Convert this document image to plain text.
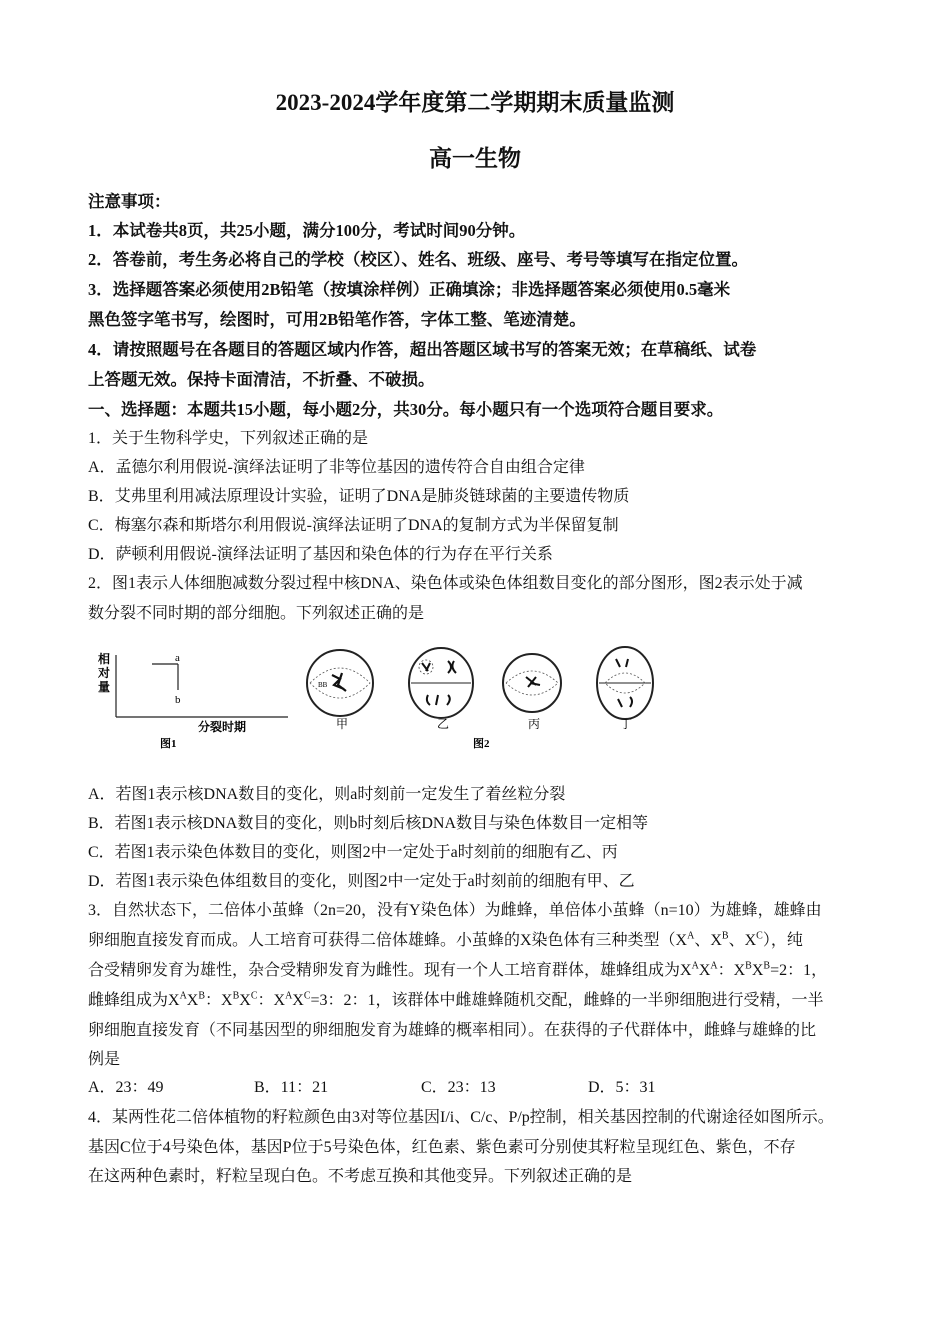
2023-2024学年度第二学期期末质量监测
高一生物
注意事项：
1．本试卷共8页，共25小题，满分100分，考试时间90分钟。
2．答卷前，考生务必将自己的学校（校区）、姓名、班级、座号、考号等填写在指定位置。
3．选择题答案必须使用2B铅笔（按填涂样例）正确填涂；非选择题答案必须使用0.5毫米
黑色签字笔书写，绘图时，可用2B铅笔作答，字体工整、笔迹清楚。
4．请按照题号在各题目的答题区域内作答，超出答题区域书写的答案无效；在草稿纸、试卷
上答题无效。保持卡面清洁，不折叠、不破损。
一、选择题：本题共15小题，每小题2分，共30分。每小题只有一个选项符合题目要求。
1．关于生物科学史，下列叙述正确的是
A．孟德尔利用假说-演绎法证明了非等位基因的遗传符合自由组合定律
B．艾弗里利用减法原理设计实验，证明了DNA是肺炎链球菌的主要遗传物质
C．梅塞尔森和斯塔尔利用假说-演绎法证明了DNA的复制方式为半保留复制
D．萨顿利用假说-演绎法证明了基因和染色体的行为存在平行关系
2．图1表示人体细胞减数分裂过程中核DNA、染色体或染色体组数目变化的部分图形，图2表示处于减
数分裂不同时期的部分细胞。下列叙述正确的是
相
对
量
a
b
分裂时期
图1
BB
甲	乙	丙	丁
图2
A．若图1表示核DNA数目的变化，则a时刻前一定发生了着丝粒分裂
B．若图1表示核DNA数目的变化，则b时刻后核DNA数目与染色体数目一定相等
C．若图1表示染色体数目的变化，则图2中一定处于a时刻前的细胞有乙、丙
D．若图1表示染色体组数目的变化，则图2中一定处于a时刻前的细胞有甲、乙
3．自然状态下，二倍体小茧蜂（2n=20，没有Y染色体）为雌蜂，单倍体小茧蜂（n=10）为雄蜂，雄蜂由
卵细胞直接发育而成。人工培育可获得二倍体雄蜂。小茧蜂的X染色体有三种类型（$X^A$、$X^B$、$X^C$），纯
合受精卵发育为雄性，杂合受精卵发育为雌性。现有一个人工培育群体，雄蜂组成为$X^AX^A$：$X^BX^B=2$：1，
雌蜂组成为$X^AX^B$：$X^BX^C$：$X^AX^C=3$：2：1，该群体中雌雄蜂随机交配，雌蜂的一半卵细胞进行受精，一半
卵细胞直接发育（不同基因型的卵细胞发育为雄蜂的概率相同）。在获得的子代群体中，雌蜂与雄蜂的比
例是
A．23：49	B．11：21	C．23：13	D．5：31
4．某两性花二倍体植物的籽粒颜色由3对等位基因I/i、C/c、P/p控制，相关基因控制的代谢途径如图所示。
基因C位于4号染色体，基因P位于5号染色体，红色素、紫色素可分别使其籽粒呈现红色、紫色，不存
在这两种色素时，籽粒呈现白色。不考虑互换和其他变异。下列叙述正确的是
